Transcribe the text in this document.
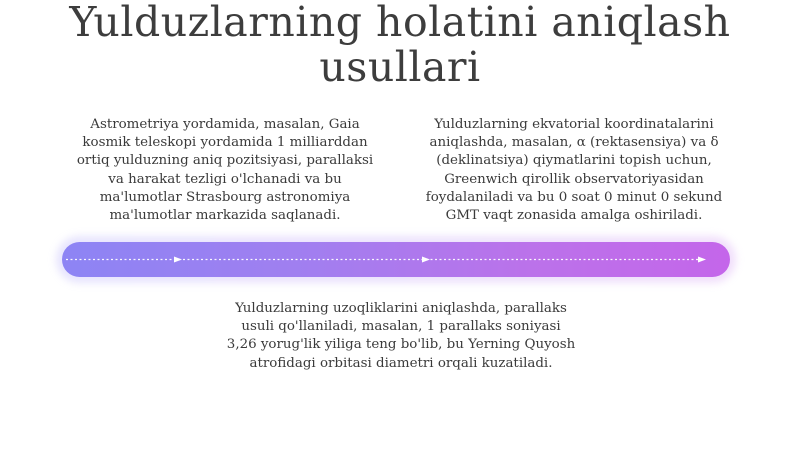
Yulduzlarning holatini aniqlash usullari

Astrometriya yordamida, masalan, Gaia kosmik teleskopi yordamida 1 milliarddan ortiq yulduzning aniq pozitsiyasi, parallaksi va harakat tezligi o'lchanadi va bu ma'lumotlar Strasbourg astronomiya ma'lumotlar markazida saqlanadi.

Yulduzlarning ekvatorial koordinatalarini aniqlashda, masalan, α (rektasensiya) va δ (deklinatsiya) qiymatlarini topish uchun, Greenwich qirollik observatoriyasidan foydalaniladi va bu 0 soat 0 minut 0 sekund GMT vaqt zonasida amalga oshiriladi.

Yulduzlarning uzoqliklarini aniqlashda, parallaks usuli qo'llaniladi, masalan, 1 parallaks soniyasi 3,26 yorug'lik yiliga teng bo'lib, bu Yerning Quyosh atrofidagi orbitasi diametri orqali kuzatiladi.
